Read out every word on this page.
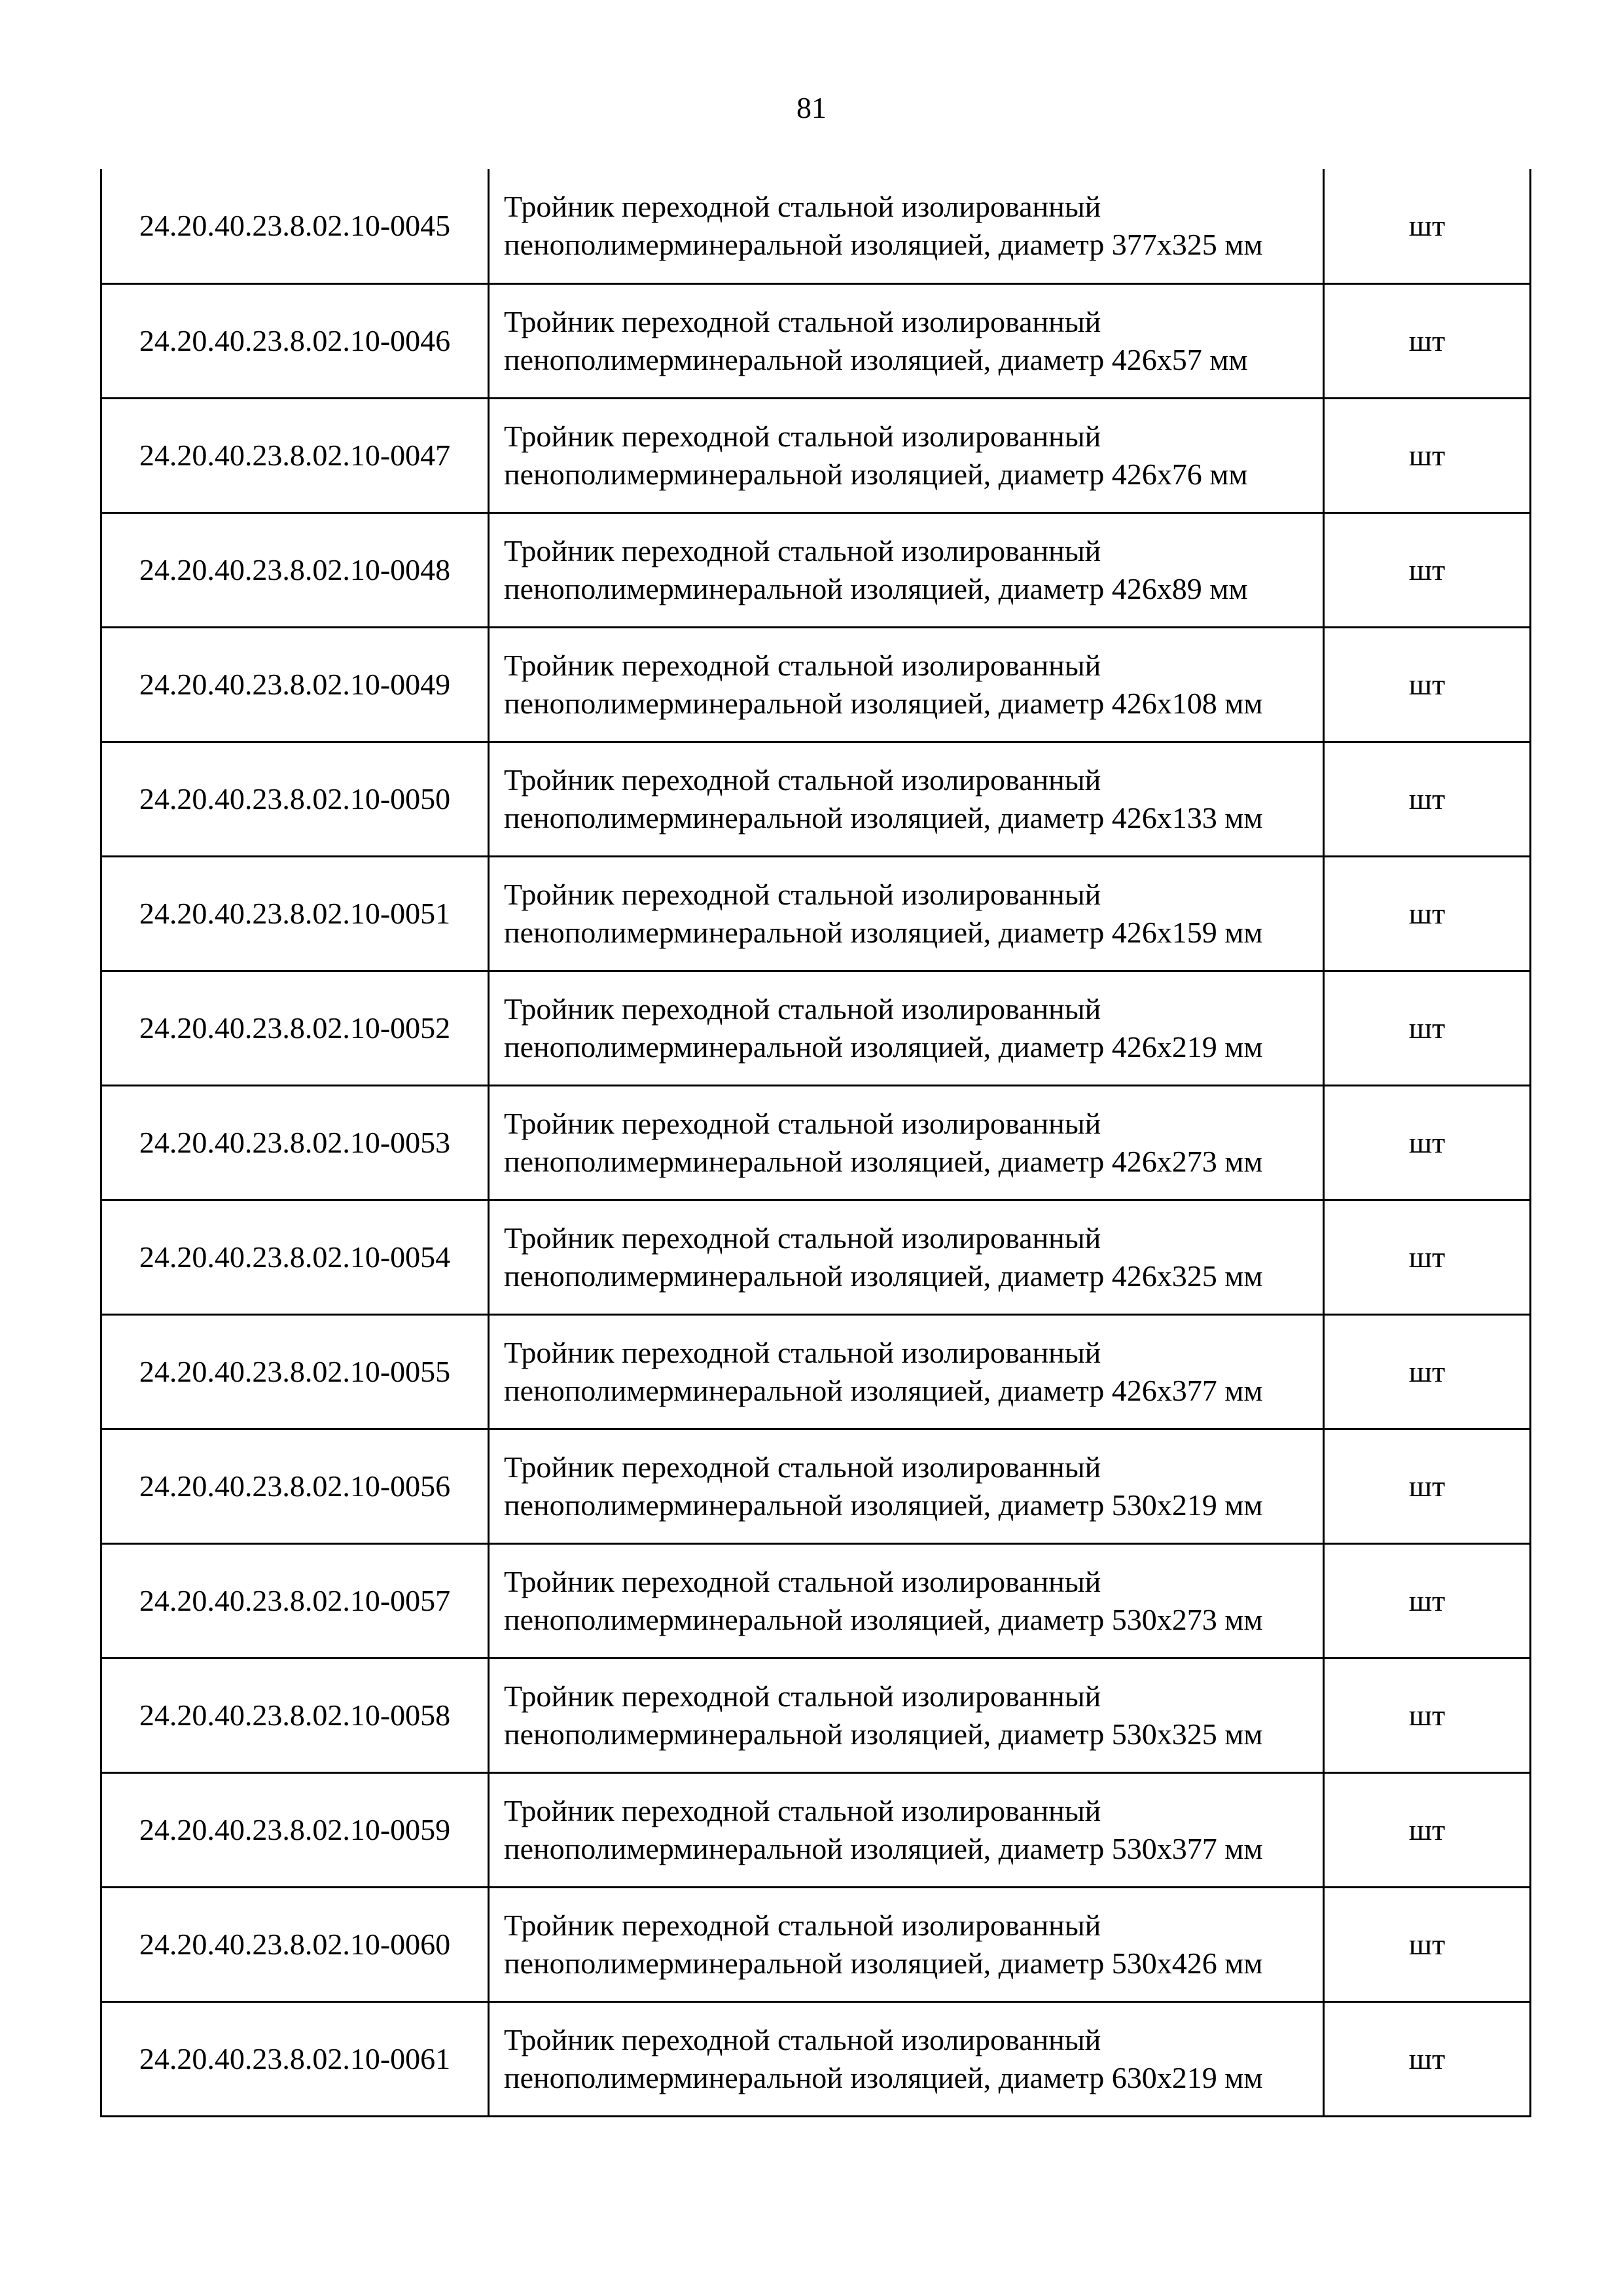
81
24.20.40.23.8.02.10-0045	Тройник переходной стальной изолированный пенополимерминеральной изоляцией, диаметр 377х325 мм	шт
24.20.40.23.8.02.10-0046	Тройник переходной стальной изолированный пенополимерминеральной изоляцией, диаметр 426х57 мм	шт
24.20.40.23.8.02.10-0047	Тройник переходной стальной изолированный пенополимерминеральной изоляцией, диаметр 426х76 мм	шт
24.20.40.23.8.02.10-0048	Тройник переходной стальной изолированный пенополимерминеральной изоляцией, диаметр 426х89 мм	шт
24.20.40.23.8.02.10-0049	Тройник переходной стальной изолированный пенополимерминеральной изоляцией, диаметр 426х108 мм	шт
24.20.40.23.8.02.10-0050	Тройник переходной стальной изолированный пенополимерминеральной изоляцией, диаметр 426х133 мм	шт
24.20.40.23.8.02.10-0051	Тройник переходной стальной изолированный пенополимерминеральной изоляцией, диаметр 426х159 мм	шт
24.20.40.23.8.02.10-0052	Тройник переходной стальной изолированный пенополимерминеральной изоляцией, диаметр 426х219 мм	шт
24.20.40.23.8.02.10-0053	Тройник переходной стальной изолированный пенополимерминеральной изоляцией, диаметр 426х273 мм	шт
24.20.40.23.8.02.10-0054	Тройник переходной стальной изолированный пенополимерминеральной изоляцией, диаметр 426х325 мм	шт
24.20.40.23.8.02.10-0055	Тройник переходной стальной изолированный пенополимерминеральной изоляцией, диаметр 426х377 мм	шт
24.20.40.23.8.02.10-0056	Тройник переходной стальной изолированный пенополимерминеральной изоляцией, диаметр 530х219 мм	шт
24.20.40.23.8.02.10-0057	Тройник переходной стальной изолированный пенополимерминеральной изоляцией, диаметр 530х273 мм	шт
24.20.40.23.8.02.10-0058	Тройник переходной стальной изолированный пенополимерминеральной изоляцией, диаметр 530х325 мм	шт
24.20.40.23.8.02.10-0059	Тройник переходной стальной изолированный пенополимерминеральной изоляцией, диаметр 530х377 мм	шт
24.20.40.23.8.02.10-0060	Тройник переходной стальной изолированный пенополимерминеральной изоляцией, диаметр 530х426 мм	шт
24.20.40.23.8.02.10-0061	Тройник переходной стальной изолированный пенополимерминеральной изоляцией, диаметр 630х219 мм	шт
